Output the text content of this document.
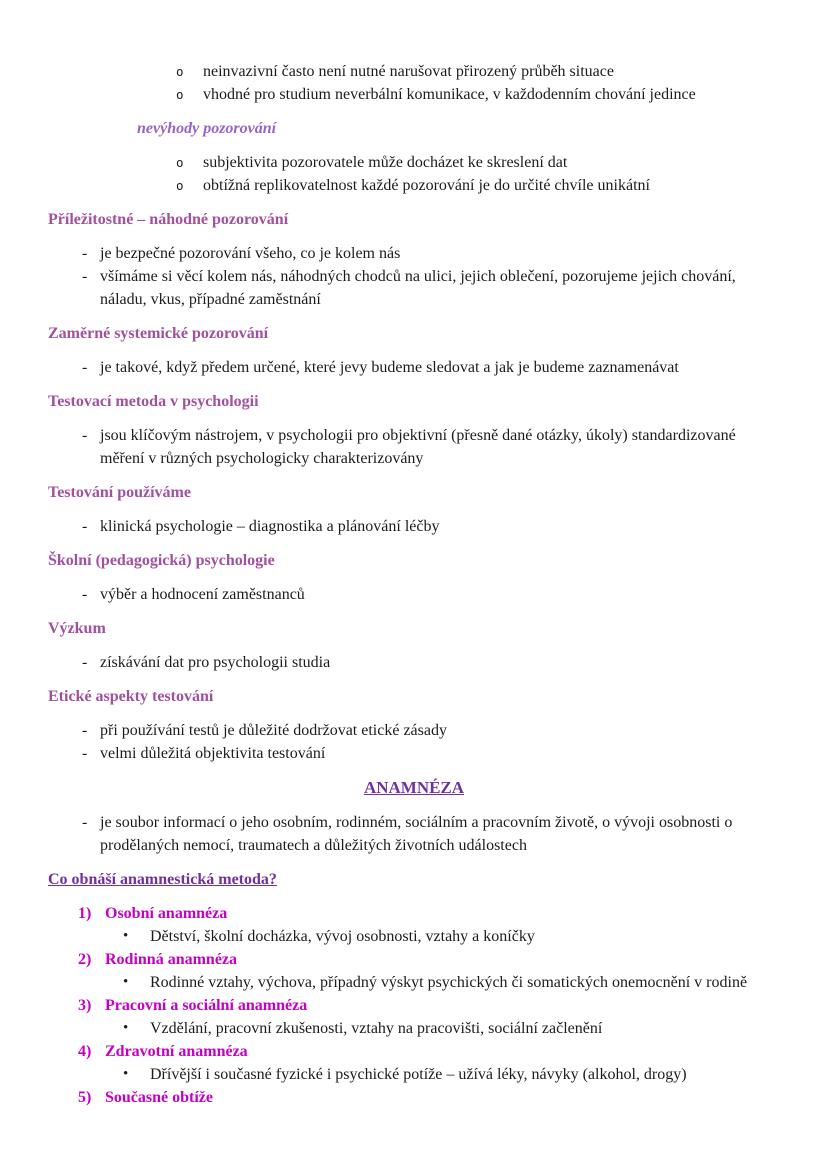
o	neinvazivní často není nutné narušovat přirozený průběh situace
o	vhodné pro studium neverbální komunikace, v každodenním chování jedince
nevýhody pozorování
o	subjektivita pozorovatele může docházet ke skreslení dat
o	obtížná replikovatelnost každé pozorování je do určité chvíle unikátní
Příležitostné – náhodné pozorování
- je bezpečné pozorování všeho, co je kolem nás
- všímáme si věcí kolem nás, náhodných chodců na ulici, jejich oblečení, pozorujeme jejich chování, náladu, vkus, případné zaměstnání
Zaměrné systemické pozorování
- je takové, když předem určené, které jevy budeme sledovat a jak je budeme zaznamenávat
Testovací metoda v psychologii
- jsou klíčovým nástrojem, v psychologii pro objektivní (přesně dané otázky, úkoly) standardizované měření v různých psychologicky charakterizovány
Testování používáme
- klinická psychologie – diagnostika a plánování léčby
Školní (pedagogická) psychologie
- výběr a hodnocení zaměstnanců
Výzkum
- získávání dat pro psychologii studia
Etické aspekty testování
- při používání testů je důležité dodržovat etické zásady
- velmi důležitá objektivita testování
ANAMNÉZA
- je soubor informací o jeho osobním, rodinném, sociálním a pracovním životě, o vývoji osobnosti o prodělaných nemocí, traumatech a důležitých životních událostech
Co obnáší anamnestická metoda?
1) Osobní anamnéza
•	Dětství, školní docházka, vývoj osobnosti, vztahy a koníčky
2) Rodinná anamnéza
•	Rodinné vztahy, výchova, případný výskyt psychických či somatických onemocnění v rodině
3) Pracovní a sociální anamnéza
•	Vzdělání, pracovní zkušenosti, vztahy na pracovišti, sociální začlenění
4) Zdravotní anamnéza
•	Dřívější i současné fyzické i psychické potíže – užívá léky, návyky (alkohol, drogy)
5) Současné obtíže
